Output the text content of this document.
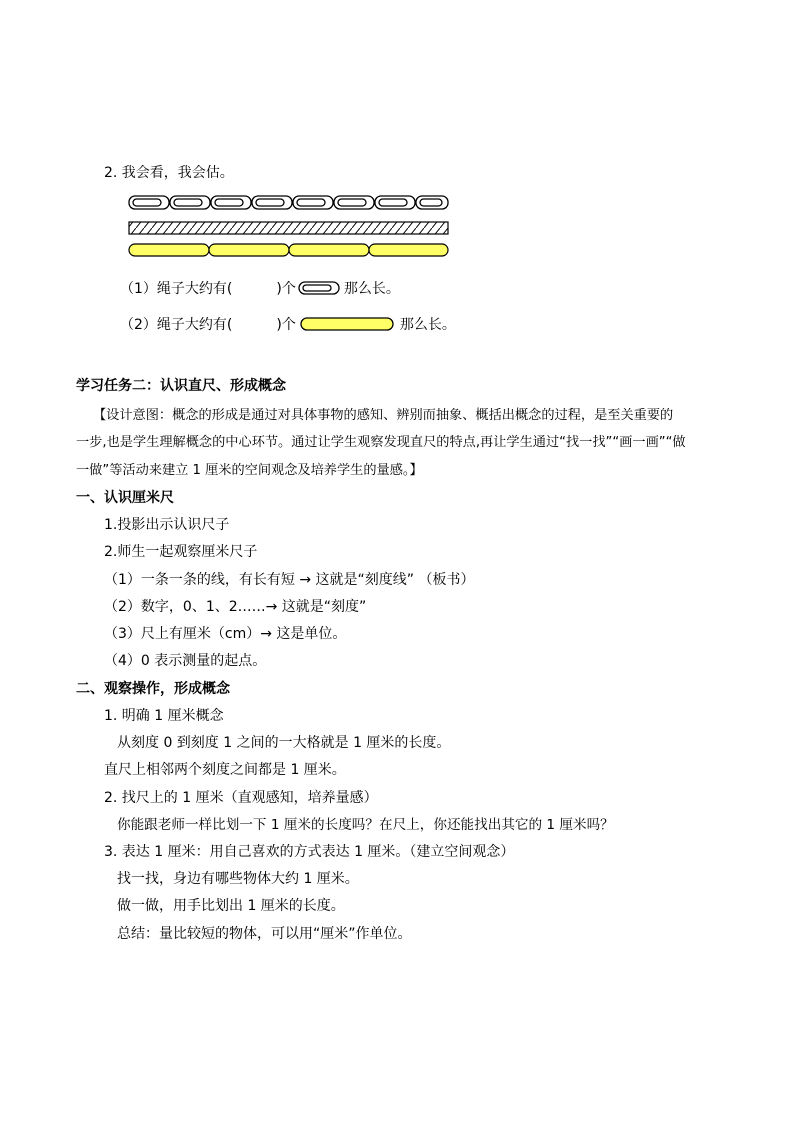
2. 我会看，我会估。
（1）绳子大约有(	)个	那么长。
（2）绳子大约有(	)个	那么长。
学习任务二：认识直尺、形成概念
【设计意图：概念的形成是通过对具体事物的感知、辨别而抽象、概括出概念的过程，是至关重要的
一步,也是学生理解概念的中心环节。通过让学生观察发现直尺的特点,再让学生通过“找一找”“画一画”“做
一做”等活动来建立 1 厘米的空间观念及培养学生的量感。】
一、认识厘米尺
1.投影出示认识尺子
2.师生一起观察厘米尺子
（1）一条一条的线，有长有短 → 这就是“刻度线” （板书）
（2）数字，0、1、2……→ 这就是“刻度”
（3）尺上有厘米（cm）→ 这是单位。
（4）0 表示测量的起点。
二、观察操作，形成概念
1. 明确 1 厘米概念
从刻度 0 到刻度 1 之间的一大格就是 1 厘米的长度。
直尺上相邻两个刻度之间都是 1 厘米。
2. 找尺上的 1 厘米（直观感知，培养量感）
你能跟老师一样比划一下 1 厘米的长度吗？在尺上，你还能找出其它的 1 厘米吗？
3. 表达 1 厘米：用自己喜欢的方式表达 1 厘米。（建立空间观念）
找一找，身边有哪些物体大约 1 厘米。
做一做，用手比划出 1 厘米的长度。
总结：量比较短的物体，可以用“厘米”作单位。
